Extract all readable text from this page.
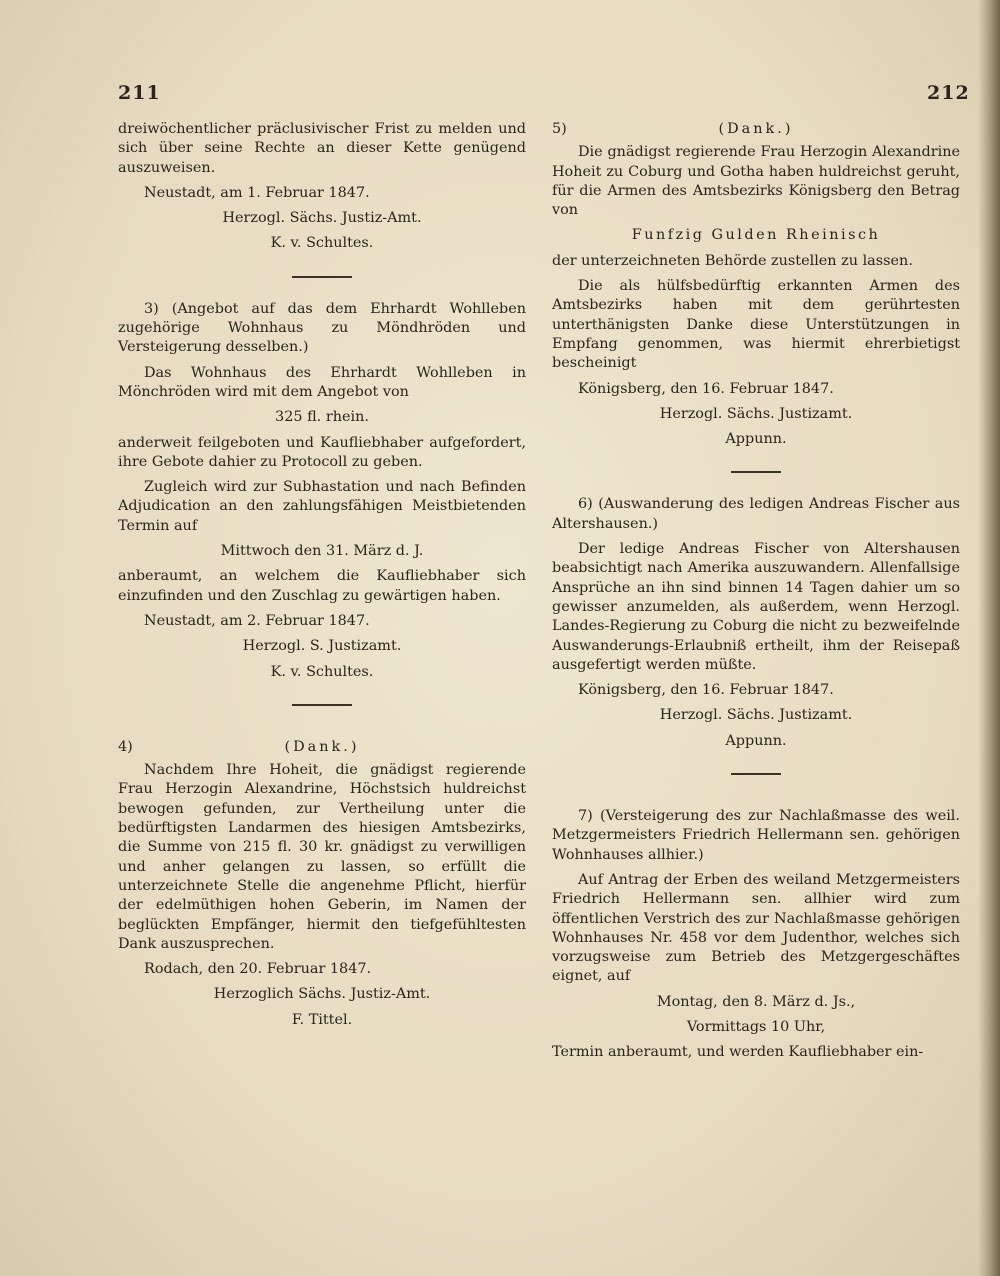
211	212

dreiwöchentlicher präclusivischer Frist zu melden und sich über seine Rechte an dieser Kette genügend auszuweisen.

Neustadt, am 1. Februar 1847.

Herzogl. Sächs. Justiz-Amt.

K. v. Schultes.

3) (Angebot auf das dem Ehrhardt Wohlleben zugehörige Wohnhaus zu Möndhröden und Versteigerung desselben.)

Das Wohnhaus des Ehrhardt Wohlleben in Mönchröden wird mit dem Angebot von

325 fl. rhein.

anderweit feilgeboten und Kaufliebhaber aufgefordert, ihre Gebote dahier zu Protocoll zu geben.

Zugleich wird zur Subhastation und nach Befinden Adjudication an den zahlungsfähigen Meistbietenden Termin auf

Mittwoch den 31. März d. J.

anberaumt, an welchem die Kaufliebhaber sich einzufinden und den Zuschlag zu gewärtigen haben.

Neustadt, am 2. Februar 1847.

Herzogl. S. Justizamt.

K. v. Schultes.

4)	(Dank.)

Nachdem Ihre Hoheit, die gnädigst regierende Frau Herzogin Alexandrine, Höchstsich huldreichst bewogen gefunden, zur Vertheilung unter die bedürftigsten Landarmen des hiesigen Amtsbezirks, die Summe von 215 fl. 30 kr. gnädigst zu verwilligen und anher gelangen zu lassen, so erfüllt die unterzeichnete Stelle die angenehme Pflicht, hierfür der edelmüthigen hohen Geberin, im Namen der beglückten Empfänger, hiermit den tiefgefühltesten Dank auszusprechen.

Rodach, den 20. Februar 1847.

Herzoglich Sächs. Justiz-Amt.

F. Tittel.

5)	(Dank.)

Die gnädigst regierende Frau Herzogin Alexandrine Hoheit zu Coburg und Gotha haben huldreichst geruht, für die Armen des Amtsbezirks Königsberg den Betrag von

Funfzig Gulden Rheinisch

der unterzeichneten Behörde zustellen zu lassen.

Die als hülfsbedürftig erkannten Armen des Amtsbezirks haben mit dem gerührtesten unterthänigsten Danke diese Unterstützungen in Empfang genommen, was hiermit ehrerbietigst bescheinigt

Königsberg, den 16. Februar 1847.

Herzogl. Sächs. Justizamt.

Appunn.

6) (Auswanderung des ledigen Andreas Fischer aus Altershausen.)

Der ledige Andreas Fischer von Altershausen beabsichtigt nach Amerika auszuwandern. Allenfallsige Ansprüche an ihn sind binnen 14 Tagen dahier um so gewisser anzumelden, als außerdem, wenn Herzogl. Landes-Regierung zu Coburg die nicht zu bezweifelnde Auswanderungs-Erlaubniß ertheilt, ihm der Reisepaß ausgefertigt werden müßte.

Königsberg, den 16. Februar 1847.

Herzogl. Sächs. Justizamt.

Appunn.

7) (Versteigerung des zur Nachlaßmasse des weil. Metzgermeisters Friedrich Hellermann sen. gehörigen Wohnhauses allhier.)

Auf Antrag der Erben des weiland Metzgermeisters Friedrich Hellermann sen. allhier wird zum öffentlichen Verstrich des zur Nachlaßmasse gehörigen Wohnhauses Nr. 458 vor dem Judenthor, welches sich vorzugsweise zum Betrieb des Metzgergeschäftes eignet, auf

Montag, den 8. März d. Js.,

Vormittags 10 Uhr,

Termin anberaumt, und werden Kaufliebhaber ein-
